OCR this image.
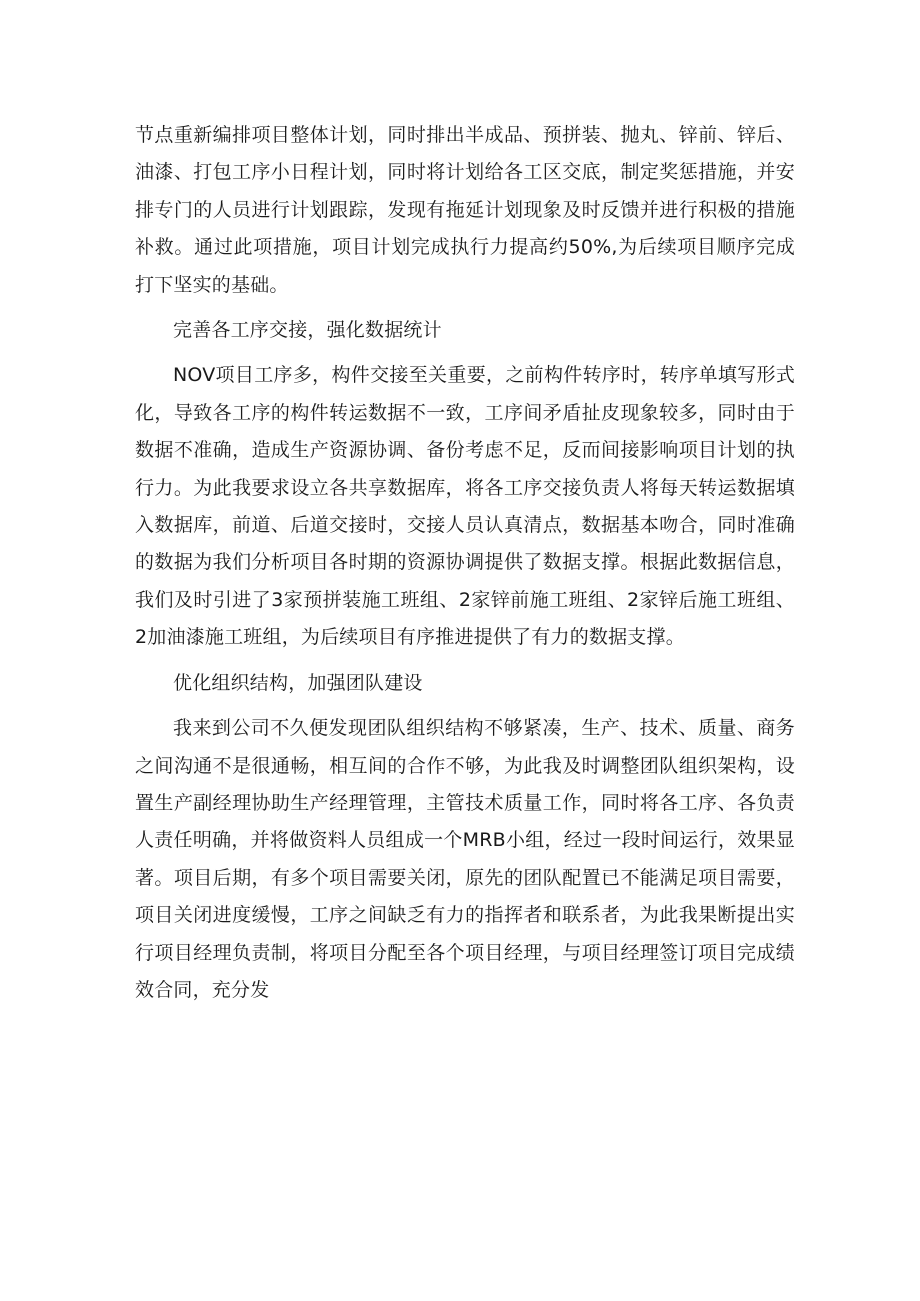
节点重新编排项目整体计划，同时排出半成品、预拼装、抛丸、锌前、锌后、油漆、打包工序小日程计划，同时将计划给各工区交底，制定奖惩措施，并安排专门的人员进行计划跟踪，发现有拖延计划现象及时反馈并进行积极的措施补救。通过此项措施，项目计划完成执行力提高约50%,为后续项目顺序完成打下坚实的基础。

完善各工序交接，强化数据统计

NOV项目工序多，构件交接至关重要，之前构件转序时，转序单填写形式化，导致各工序的构件转运数据不一致，工序间矛盾扯皮现象较多，同时由于数据不准确，造成生产资源协调、备份考虑不足，反而间接影响项目计划的执行力。为此我要求设立各共享数据库，将各工序交接负责人将每天转运数据填入数据库，前道、后道交接时，交接人员认真清点，数据基本吻合，同时准确的数据为我们分析项目各时期的资源协调提供了数据支撑。根据此数据信息，我们及时引进了3家预拼装施工班组、2家锌前施工班组、2家锌后施工班组、2加油漆施工班组，为后续项目有序推进提供了有力的数据支撑。

优化组织结构，加强团队建设

我来到公司不久便发现团队组织结构不够紧凑，生产、技术、质量、商务之间沟通不是很通畅，相互间的合作不够，为此我及时调整团队组织架构，设置生产副经理协助生产经理管理，主管技术质量工作，同时将各工序、各负责人责任明确，并将做资料人员组成一个MRB小组，经过一段时间运行，效果显著。项目后期，有多个项目需要关闭，原先的团队配置已不能满足项目需要，项目关闭进度缓慢，工序之间缺乏有力的指挥者和联系者，为此我果断提出实行项目经理负责制，将项目分配至各个项目经理，与项目经理签订项目完成绩效合同，充分发
